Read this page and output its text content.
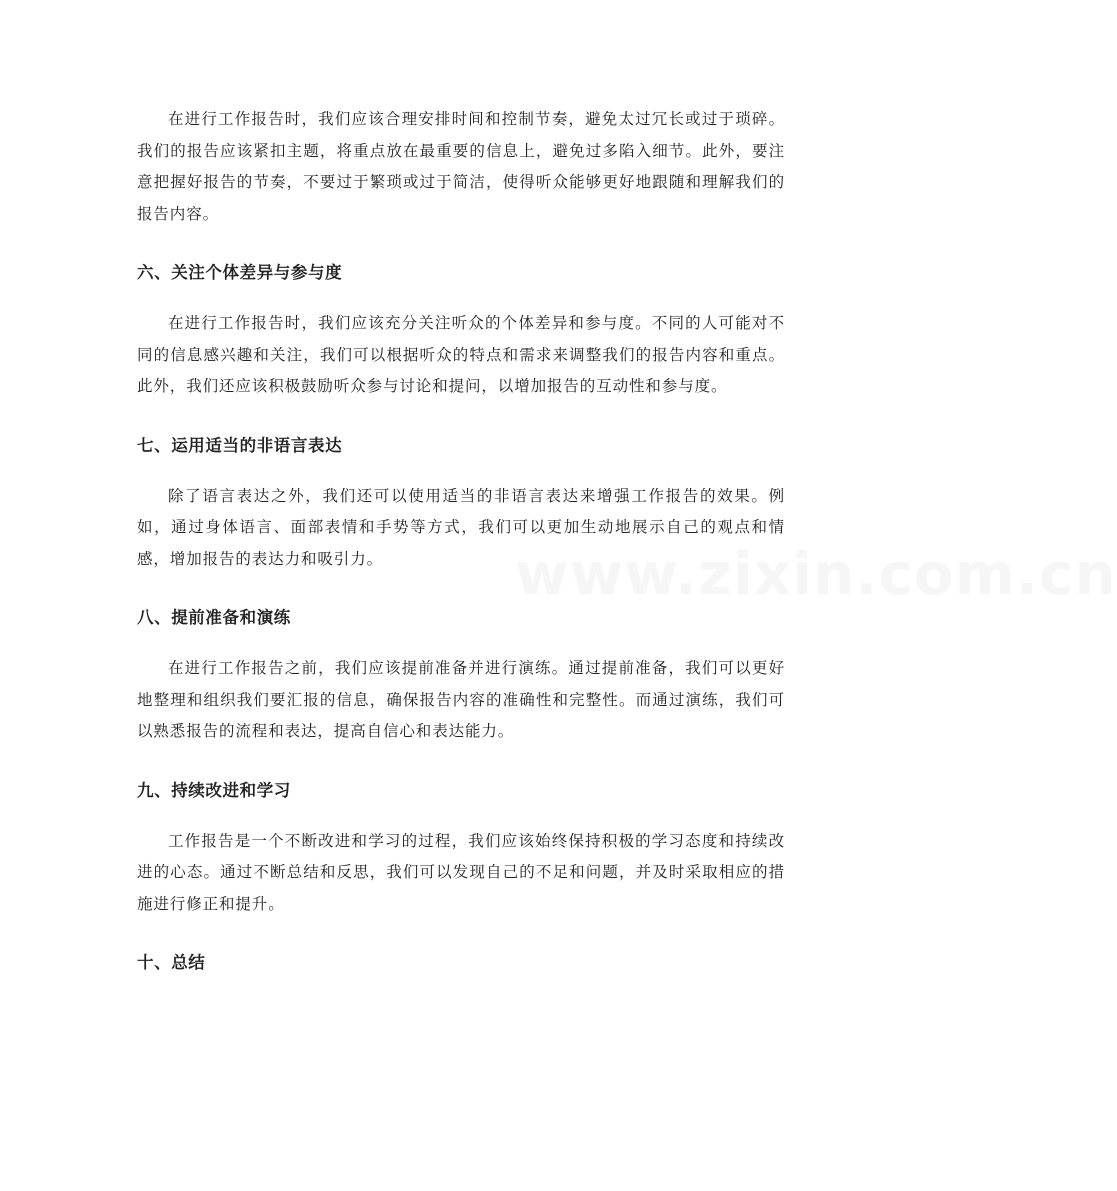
在进行工作报告时，我们应该合理安排时间和控制节奏，避免太过冗长或过于琐碎。我们的报告应该紧扣主题，将重点放在最重要的信息上，避免过多陷入细节。此外，要注意把握好报告的节奏，不要过于繁琐或过于简洁，使得听众能够更好地跟随和理解我们的报告内容。

六、关注个体差异与参与度

在进行工作报告时，我们应该充分关注听众的个体差异和参与度。不同的人可能对不同的信息感兴趣和关注，我们可以根据听众的特点和需求来调整我们的报告内容和重点。此外，我们还应该积极鼓励听众参与讨论和提问，以增加报告的互动性和参与度。

七、运用适当的非语言表达

除了语言表达之外，我们还可以使用适当的非语言表达来增强工作报告的效果。例如，通过身体语言、面部表情和手势等方式，我们可以更加生动地展示自己的观点和情感，增加报告的表达力和吸引力。

八、提前准备和演练

在进行工作报告之前，我们应该提前准备并进行演练。通过提前准备，我们可以更好地整理和组织我们要汇报的信息，确保报告内容的准确性和完整性。而通过演练，我们可以熟悉报告的流程和表达，提高自信心和表达能力。

九、持续改进和学习

工作报告是一个不断改进和学习的过程，我们应该始终保持积极的学习态度和持续改进的心态。通过不断总结和反思，我们可以发现自己的不足和问题，并及时采取相应的措施进行修正和提升。

十、总结
www.zixin.com.cn
